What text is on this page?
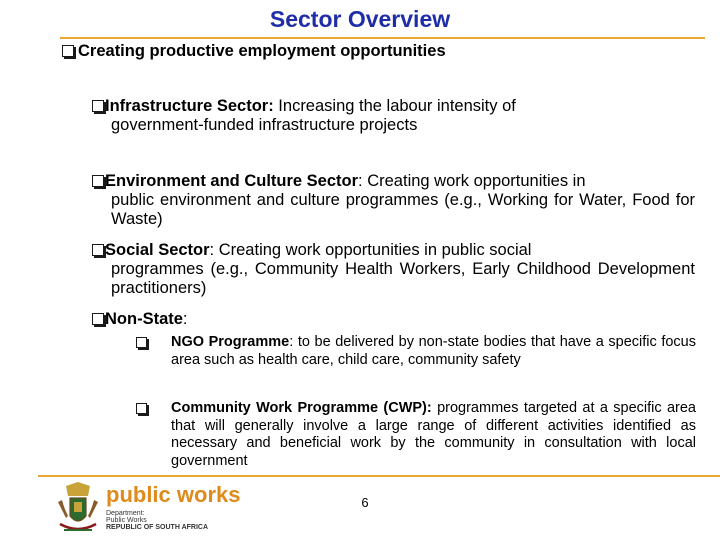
Sector Overview
Creating productive employment opportunities
Infrastructure Sector: Increasing the labour intensity of
government-funded infrastructure projects
Environment and Culture Sector: Creating work opportunities in
public environment and culture programmes (e.g., Working for Water, Food for Waste)
Social Sector: Creating work opportunities in public social
programmes (e.g., Community Health Workers, Early Childhood Development practitioners)
Non-State:
NGO Programme: to be delivered by non-state bodies that have a specific focus area such as health care, child care, community safety
Community Work Programme (CWP): programmes targeted at a specific area that will generally involve a large range of different activities identified as necessary and beneficial work by the community in consultation with local government
public works
Department:
Public Works
REPUBLIC OF SOUTH AFRICA
6
